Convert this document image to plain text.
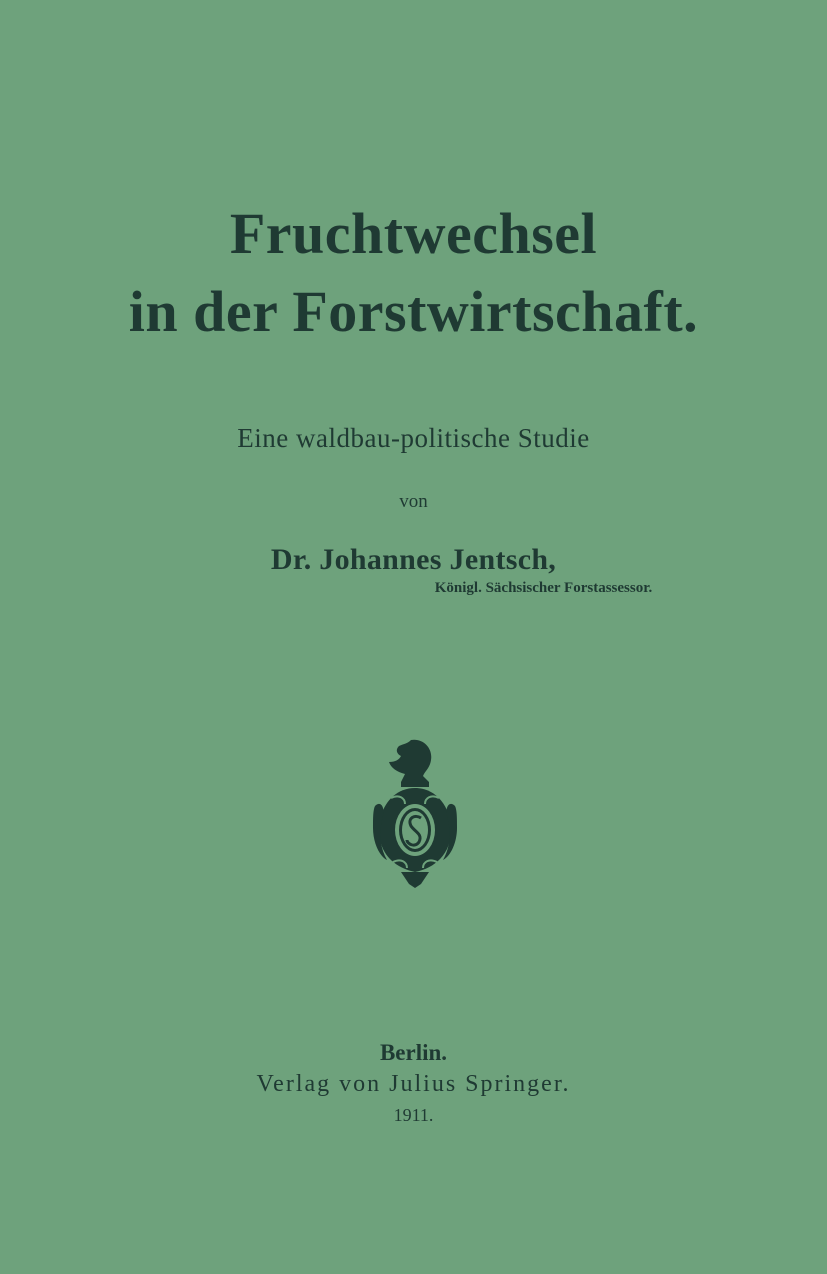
Fruchtwechsel
in der Forstwirtschaft.
Eine waldbau-politische Studie
von
Dr. Johannes Jentsch,
Königl. Sächsischer Forstassessor.
Berlin.
Verlag von Julius Springer.
1911.
